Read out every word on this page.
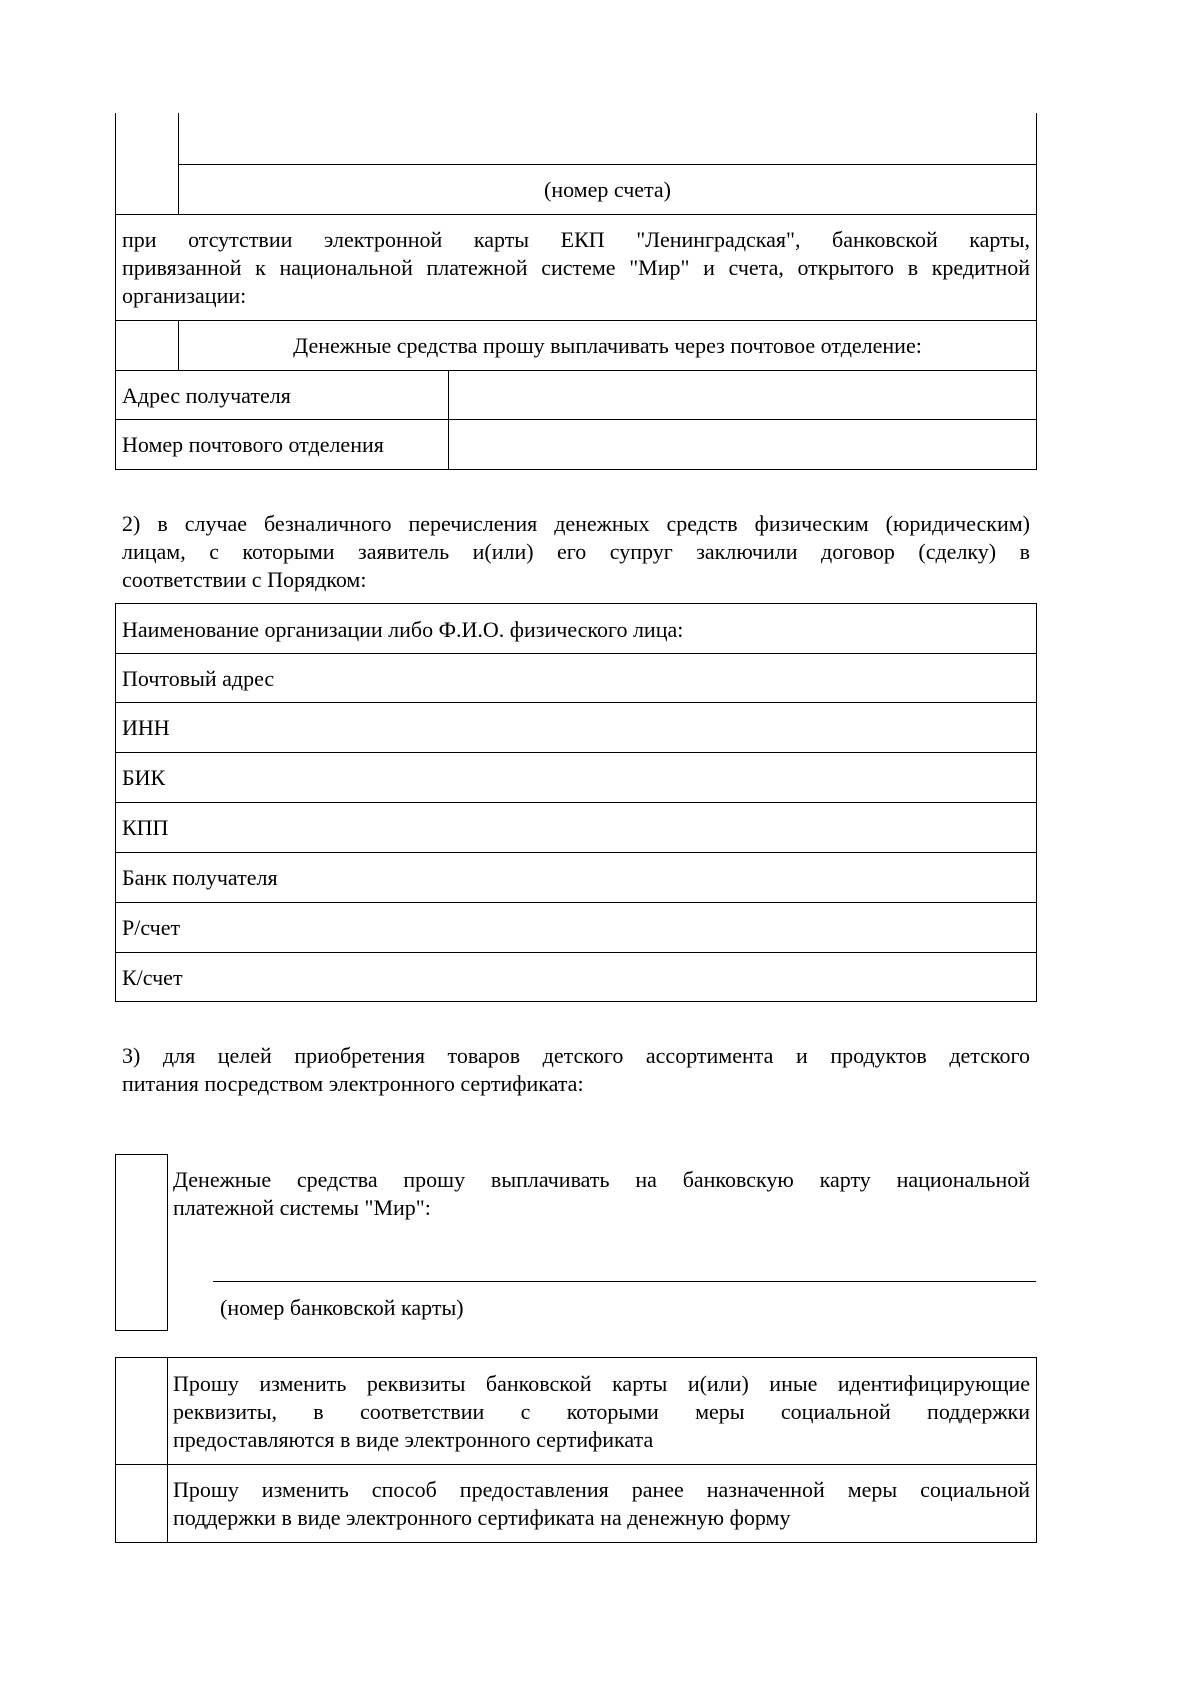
(номер счета)
при отсутствии электронной карты ЕКП "Ленинградская", банковской карты,
привязанной к национальной платежной системе "Мир" и счета, открытого в кредитной
организации:
Денежные средства прошу выплачивать через почтовое отделение:
Адрес получателя
Номер почтового отделения
2) в случае безналичного перечисления денежных средств физическим (юридическим)
лицам, с которыми заявитель и(или) его супруг заключили договор (сделку) в
соответствии с Порядком:
Наименование организации либо Ф.И.О. физического лица:
Почтовый адрес
ИНН
БИК
КПП
Банк получателя
Р/счет
К/счет
3) для целей приобретения товаров детского ассортимента и продуктов детского
питания посредством электронного сертификата:
Денежные средства прошу выплачивать на банковскую карту национальной
платежной системы "Мир":
(номер банковской карты)
Прошу изменить реквизиты банковской карты и(или) иные идентифицирующие
реквизиты, в соответствии с которыми меры социальной поддержки
предоставляются в виде электронного сертификата
Прошу изменить способ предоставления ранее назначенной меры социальной
поддержки в виде электронного сертификата на денежную форму
